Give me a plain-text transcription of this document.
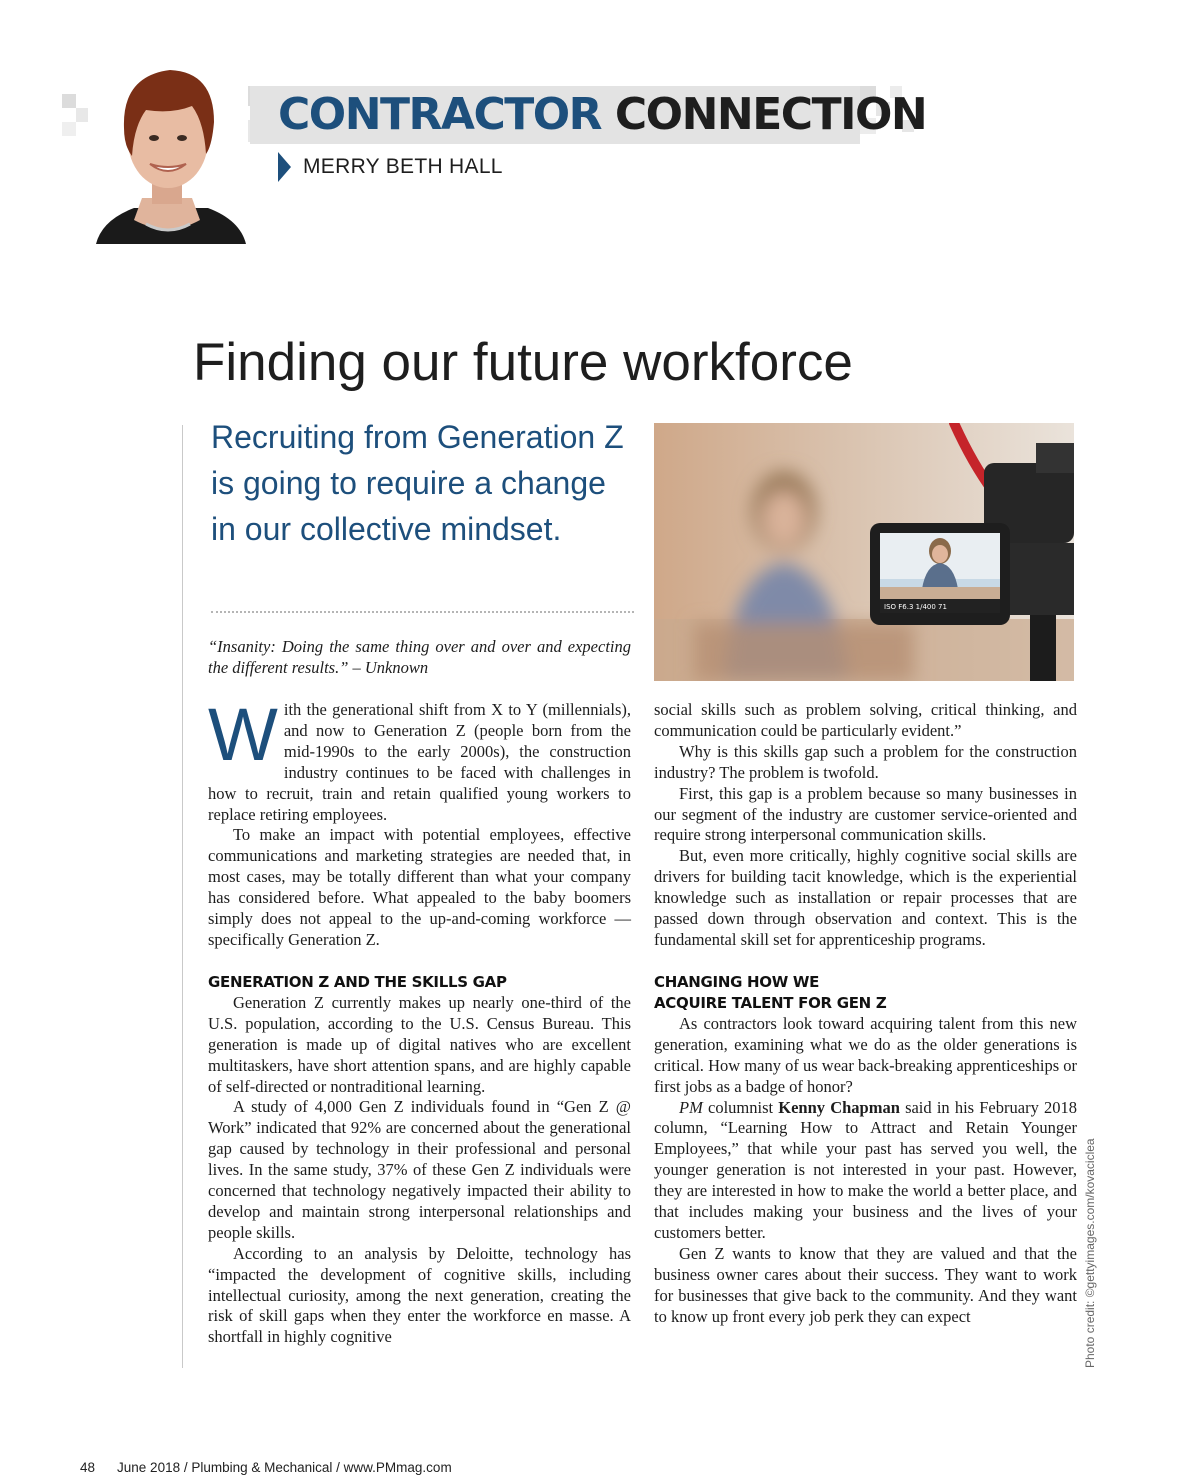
CONTRACTOR CONNECTION
MERRY BETH HALL
Finding our future workforce
Recruiting from Generation Z is going to require a change in our collective mindset.

“Insanity: Doing the same thing over and over and expecting the different results.” – Unknown

ISO F6.3 1/400 71
Photo credit: ©gettyimages.com/kovaciclea

With the generational shift from X to Y (millennials), and now to Generation Z (people born from the mid-1990s to the early 2000s), the construction industry continues to be faced with challenges in how to recruit, train and retain qualified young workers to replace retiring employees.

To make an impact with potential employees, effective communications and marketing strategies are needed that, in most cases, may be totally different than what your company has considered before. What appealed to the baby boomers simply does not appeal to the up-and-coming workforce — specifically Generation Z.

GENERATION Z AND THE SKILLS GAP

Generation Z currently makes up nearly one-third of the U.S. population, according to the U.S. Census Bureau. This generation is made up of digital natives who are excellent multitaskers, have short attention spans, and are highly capable of self-directed or nontraditional learning.

A study of 4,000 Gen Z individuals found in “Gen Z @ Work” indicated that 92% are concerned about the generational gap caused by technology in their professional and personal lives. In the same study, 37% of these Gen Z individuals were concerned that technology negatively impacted their ability to develop and maintain strong interpersonal relationships and people skills.

According to an analysis by Deloitte, technology has “impacted the development of cognitive skills, including intellectual curiosity, among the next generation, creating the risk of skill gaps when they enter the workforce en masse. A shortfall in highly cognitive

social skills such as problem solving, critical thinking, and communication could be particularly evident.”

Why is this skills gap such a problem for the construction industry? The problem is twofold.

First, this gap is a problem because so many businesses in our segment of the industry are customer service-oriented and require strong interpersonal communication skills.

But, even more critically, highly cognitive social skills are drivers for building tacit knowledge, which is the experiential knowledge such as installation or repair processes that are passed down through observation and context. This is the fundamental skill set for apprenticeship programs.

CHANGING HOW WE
ACQUIRE TALENT FOR GEN Z

As contractors look toward acquiring talent from this new generation, examining what we do as the older generations is critical. How many of us wear back-breaking apprenticeships or first jobs as a badge of honor?

PM columnist Kenny Chapman said in his February 2018 column, “Learning How to Attract and Retain Younger Employees,” that while your past has served you well, the younger generation is not interested in your past. However, they are interested in how to make the world a better place, and that includes making your business and the lives of your customers better.

Gen Z wants to know that they are valued and that the business owner cares about their success. They want to work for businesses that give back to the community. And they want to know up front every job perk they can expect

48 June 2018 / Plumbing & Mechanical / www.PMmag.com
